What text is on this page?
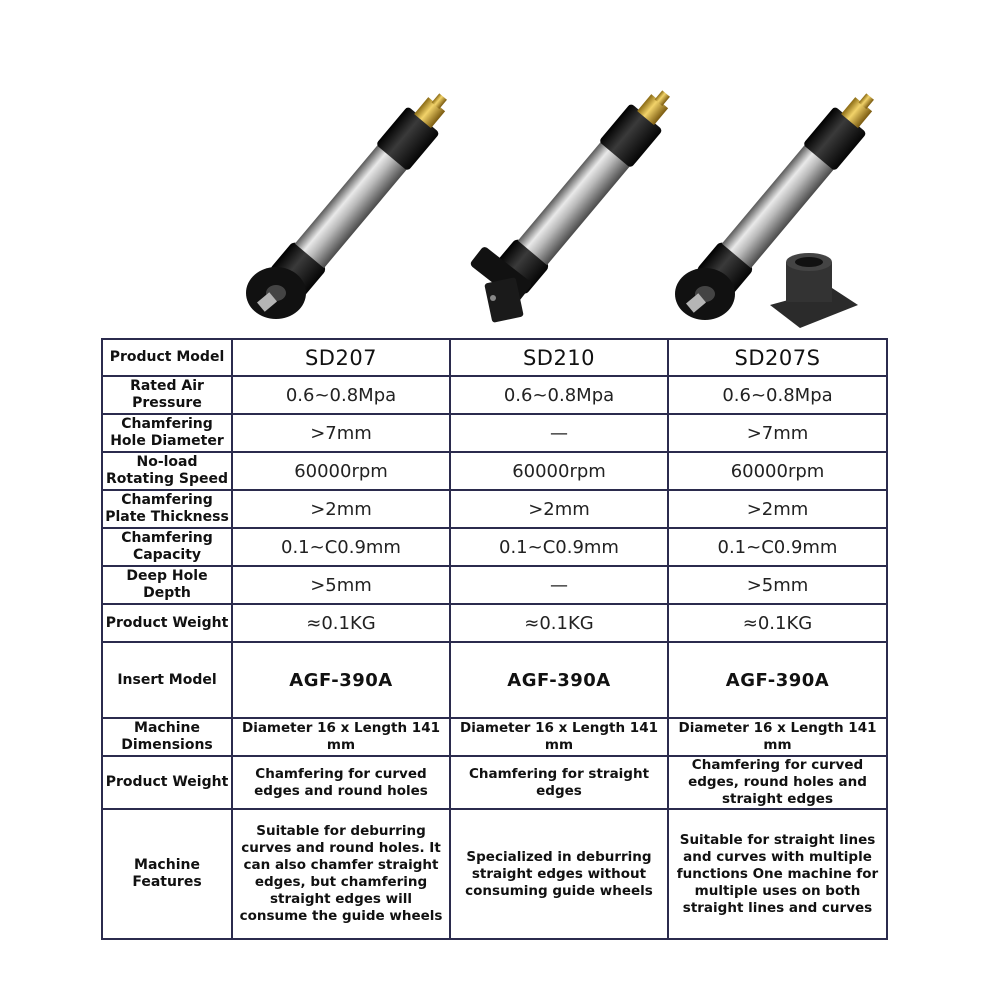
Product Model	SD207	SD210	SD207S
Rated Air Pressure	0.6~0.8Mpa	0.6~0.8Mpa	0.6~0.8Mpa
Chamfering Hole Diameter	>7mm	—	>7mm
No-load Rotating Speed	60000rpm	60000rpm	60000rpm
Chamfering Plate Thickness	>2mm	>2mm	>2mm
Chamfering Capacity	0.1~C0.9mm	0.1~C0.9mm	0.1~C0.9mm
Deep Hole Depth	>5mm	—	>5mm
Product Weight	≈0.1KG	≈0.1KG	≈0.1KG
Insert Model	AGF-390A	AGF-390A	AGF-390A
Machine Dimensions	Diameter 16 x Length 141 mm	Diameter 16 x Length 141 mm	Diameter 16 x Length 141 mm
Product Weight	Chamfering for curved edges and round holes	Chamfering for straight edges	Chamfering for curved edges, round holes and straight edges
Machine Features	Suitable for deburring curves and round holes. It can also chamfer straight edges, but chamfering straight edges will consume the guide wheels	Specialized in deburring straight edges without consuming guide wheels	Suitable for straight lines and curves with multiple functions One machine for multiple uses on both straight lines and curves
